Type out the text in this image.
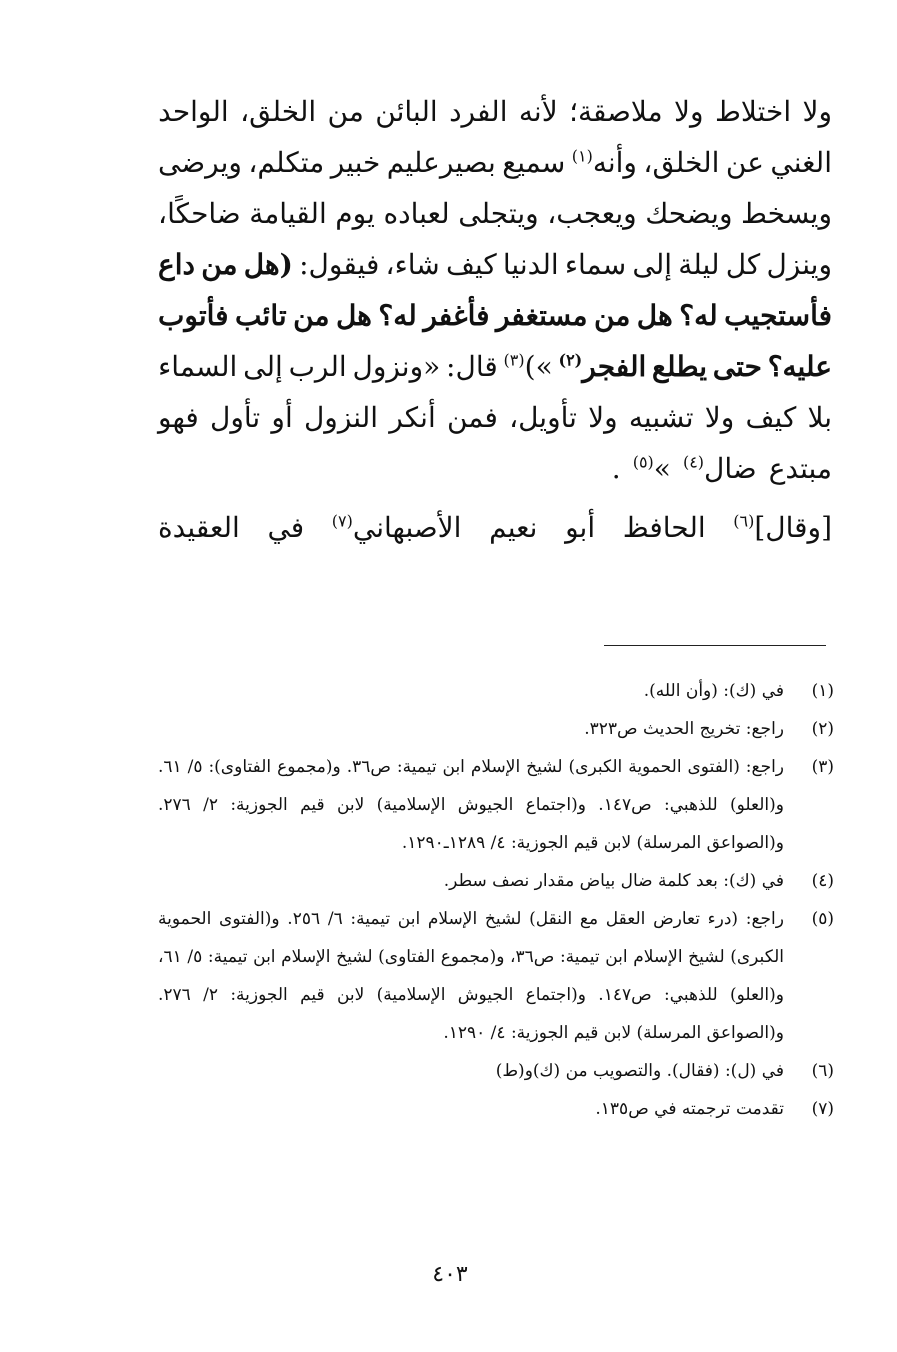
ولا
اختلاط
ولا
ملاصقة؛
لأنه
الفرد
البائن
من
الخلق،
الواحد
الغني
عن
الخلق،
وأنه$^{(١)}$
سميع
بصيرعليم
خبير
متكلم،
ويرضى
ويسخط
ويضحك
ويعجب،
ويتجلى
لعباده
يوم
القيامة
ضاحكًا،
وينزل
كل
ليلة
إلى
سماء
الدنيا
كيف
شاء،
فيقول:
(هل
من
داع
فأستجيب
له؟
هل
من
مستغفر
فأغفر
له؟
هل
من
تائب
فأتوب
عليه؟
حتى
يطلع
الفجر$^{(٢)}$
»)$^{(٣)}$
قال:
«ونزول
الرب
إلى
السماء
بلا
كيف
ولا
تشبيه
ولا
تأويل،
فمن
أنكر
النزول
أو
تأول
فهو
مبتدع
ضال$^{(٤)}$
»$^{(٥)}$
.
[وقال]$^{(٦)}$
الحافظ
أبو
نعيم
الأصبهاني$^{(٧)}$
في
العقيدة
(١)
في (ك): (وأن الله).
(٢)
راجع: تخريج الحديث ص٣٢٣.
(٣)
راجع: (الفتوى الحموية الكبرى) لشيخ الإسلام ابن تيمية: ص٣٦. و(مجموع الفتاوى): ٥/ ٦١. و(العلو) للذهبي: ص١٤٧. و(اجتماع الجيوش الإسلامية) لابن قيم الجوزية: ٢/ ٢٧٦. و(الصواعق المرسلة) لابن قيم الجوزية: ٤/ ١٢٨٩ـ١٢٩٠.
(٤)
في (ك): بعد كلمة ضال بياض مقدار نصف سطر.
(٥)
راجع: (درء تعارض العقل مع النقل) لشيخ الإسلام ابن تيمية: ٦/ ٢٥٦. و(الفتوى الحموية الكبرى) لشيخ الإسلام ابن تيمية: ص٣٦، و(مجموع الفتاوى) لشيخ الإسلام ابن تيمية: ٥/ ٦١، و(العلو) للذهبي: ص١٤٧. و(اجتماع الجيوش الإسلامية) لابن قيم الجوزية: ٢/ ٢٧٦. و(الصواعق المرسلة) لابن قيم الجوزية: ٤/ ١٢٩٠.
(٦)
في (ل): (فقال). والتصويب من (ك)و(ط)
(٧)
تقدمت ترجمته في ص١٣٥.
٤٠٣
